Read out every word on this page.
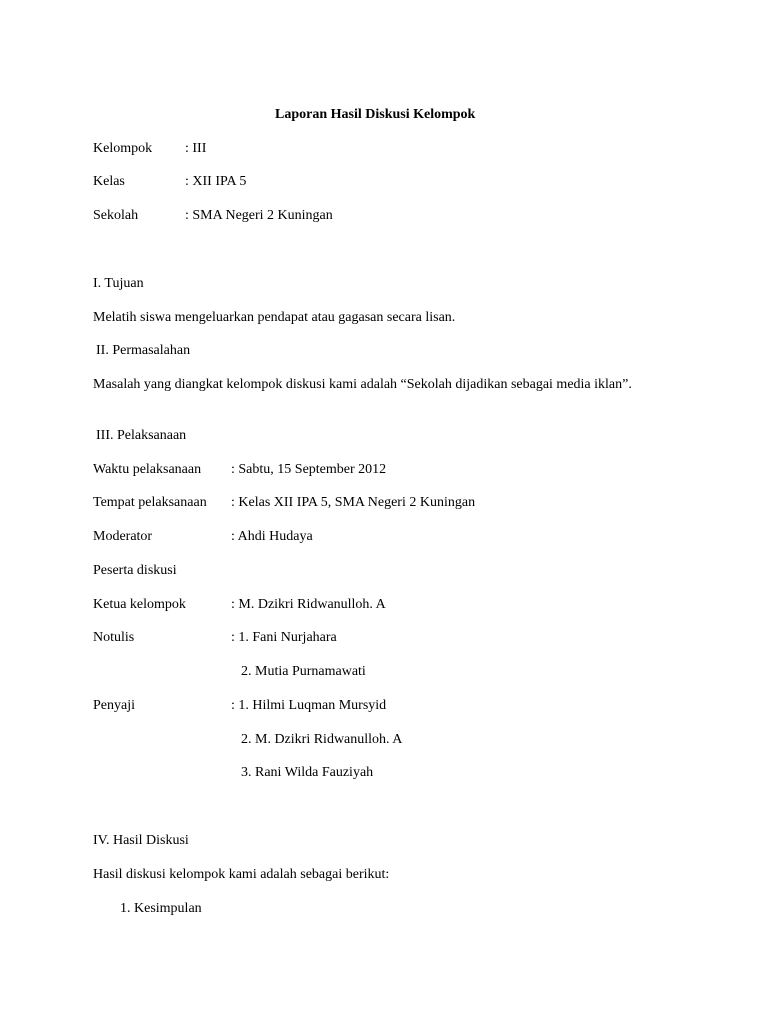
Laporan Hasil Diskusi Kelompok
Kelompok : III
Kelas	: XII IPA 5
Sekolah	: SMA Negeri 2 Kuningan
I. Tujuan
Melatih siswa mengeluarkan pendapat atau gagasan secara lisan.
II. Permasalahan
Masalah yang diangkat kelompok diskusi kami adalah “Sekolah dijadikan sebagai media iklan”.
III. Pelaksanaan
Waktu pelaksanaan : Sabtu, 15 September 2012
Tempat pelaksanaan : Kelas XII IPA 5, SMA Negeri 2 Kuningan
Moderator	: Ahdi Hudaya
Peserta diskusi
Ketua kelompok	: M. Dzikri Ridwanulloh. A
Notulis	: 1. Fani Nurjahara
2. Mutia Purnamawati
Penyaji	: 1. Hilmi Luqman Mursyid
2. M. Dzikri Ridwanulloh. A
3. Rani Wilda Fauziyah
IV. Hasil Diskusi
Hasil diskusi kelompok kami adalah sebagai berikut:
1. Kesimpulan
